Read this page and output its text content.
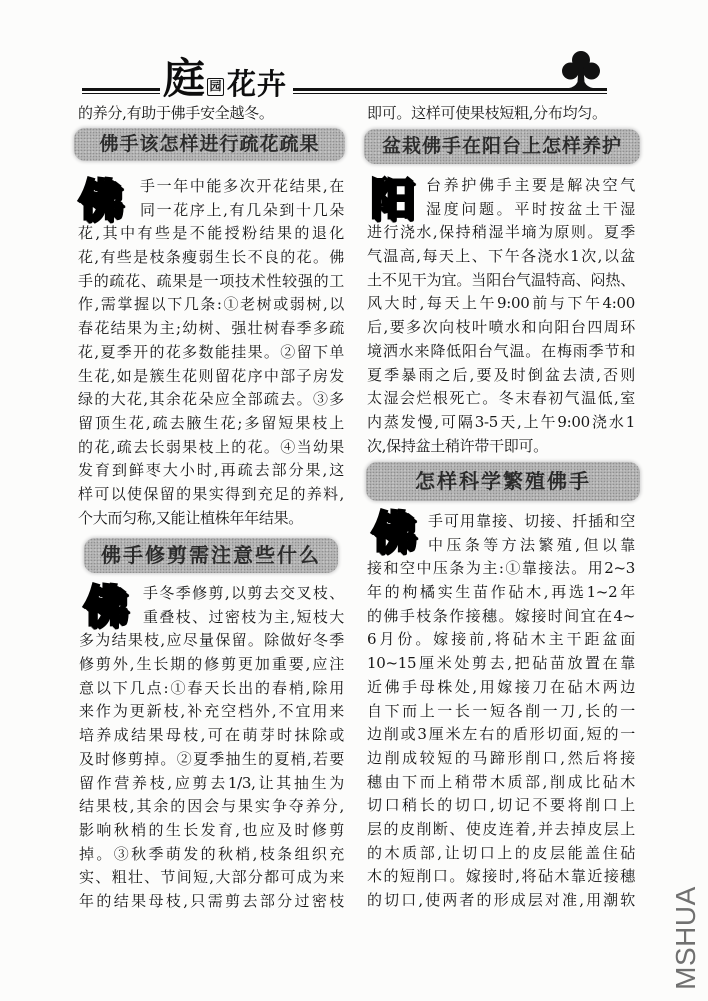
庭 园 花卉
的养分,有助于佛手安全越冬。	即可。这样可使果枝短粗,分布均匀。
佛手该怎样进行疏花疏果
佛	手一年中能多次开花结果,在
同一花序上,有几朵到十几朵
花,其中有些是不能授粉结果的退化
花,有些是枝条瘦弱生长不良的花。佛
手的疏花、疏果是一项技术性较强的工
作,需掌握以下几条:①老树或弱树,以
春花结果为主;幼树、强壮树春季多疏
花,夏季开的花多数能挂果。②留下单
生花,如是簇生花则留花序中部子房发
绿的大花,其余花朵应全部疏去。③多
留顶生花,疏去腋生花;多留短果枝上
的花,疏去长弱果枝上的花。④当幼果
发育到鲜枣大小时,再疏去部分果,这
样可以使保留的果实得到充足的养料,
个大而匀称,又能让植株年年结果。
佛手修剪需注意些什么
佛	手冬季修剪,以剪去交叉枝、
重叠枝、过密枝为主,短枝大
多为结果枝,应尽量保留。除做好冬季
修剪外,生长期的修剪更加重要,应注
意以下几点:①春天长出的春梢,除用
来作为更新枝,补充空档外,不宜用来
培养成结果母枝,可在萌芽时抹除或
及时修剪掉。②夏季抽生的夏梢,若要
留作营养枝,应剪去1/3,让其抽生为
结果枝,其余的因会与果实争夺养分,
影响秋梢的生长发育,也应及时修剪
掉。③秋季萌发的秋梢,枝条组织充
实、粗壮、节间短,大部分都可成为来
年的结果母枝,只需剪去部分过密枝
盆栽佛手在阳台上怎样养护
阳 台养护佛手主要是解决空气
湿度问题。平时按盆土干湿
进行浇水,保持稍湿半墒为原则。夏季
气温高,每天上、下午各浇水1次,以盆
土不见干为宜。当阳台气温特高、闷热、
风大时,每天上午9:00前与下午4:00
后,要多次向枝叶喷水和向阳台四周环
境洒水来降低阳台气温。在梅雨季节和
夏季暴雨之后,要及时倒盆去渍,否则
太湿会烂根死亡。冬末春初气温低,室
内蒸发慢,可隔3-5天,上午9:00浇水1
次,保持盆土稍许带干即可。
怎样科学繁殖佛手
佛 手可用靠接、切接、扦插和空
中压条等方法繁殖,但以靠
接和空中压条为主:①靠接法。用2~3
年的枸橘实生苗作砧木,再选1~2年
的佛手枝条作接穗。嫁接时间宜在4~
6月份。嫁接前,将砧木主干距盆面
10~15厘米处剪去,把砧苗放置在靠
近佛手母株处,用嫁接刀在砧木两边
自下而上一长一短各削一刀,长的一
边削或3厘米左右的盾形切面,短的一
边削成较短的马蹄形削口,然后将接
穗由下而上稍带木质部,削成比砧木
切口稍长的切口,切记不要将削口上
层的皮削断、使皮连着,并去掉皮层上
的木质部,让切口上的皮层能盖住砧
木的短削口。嫁接时,将砧木靠近接穗
的切口,使两者的形成层对准,用潮软 MSHUA
